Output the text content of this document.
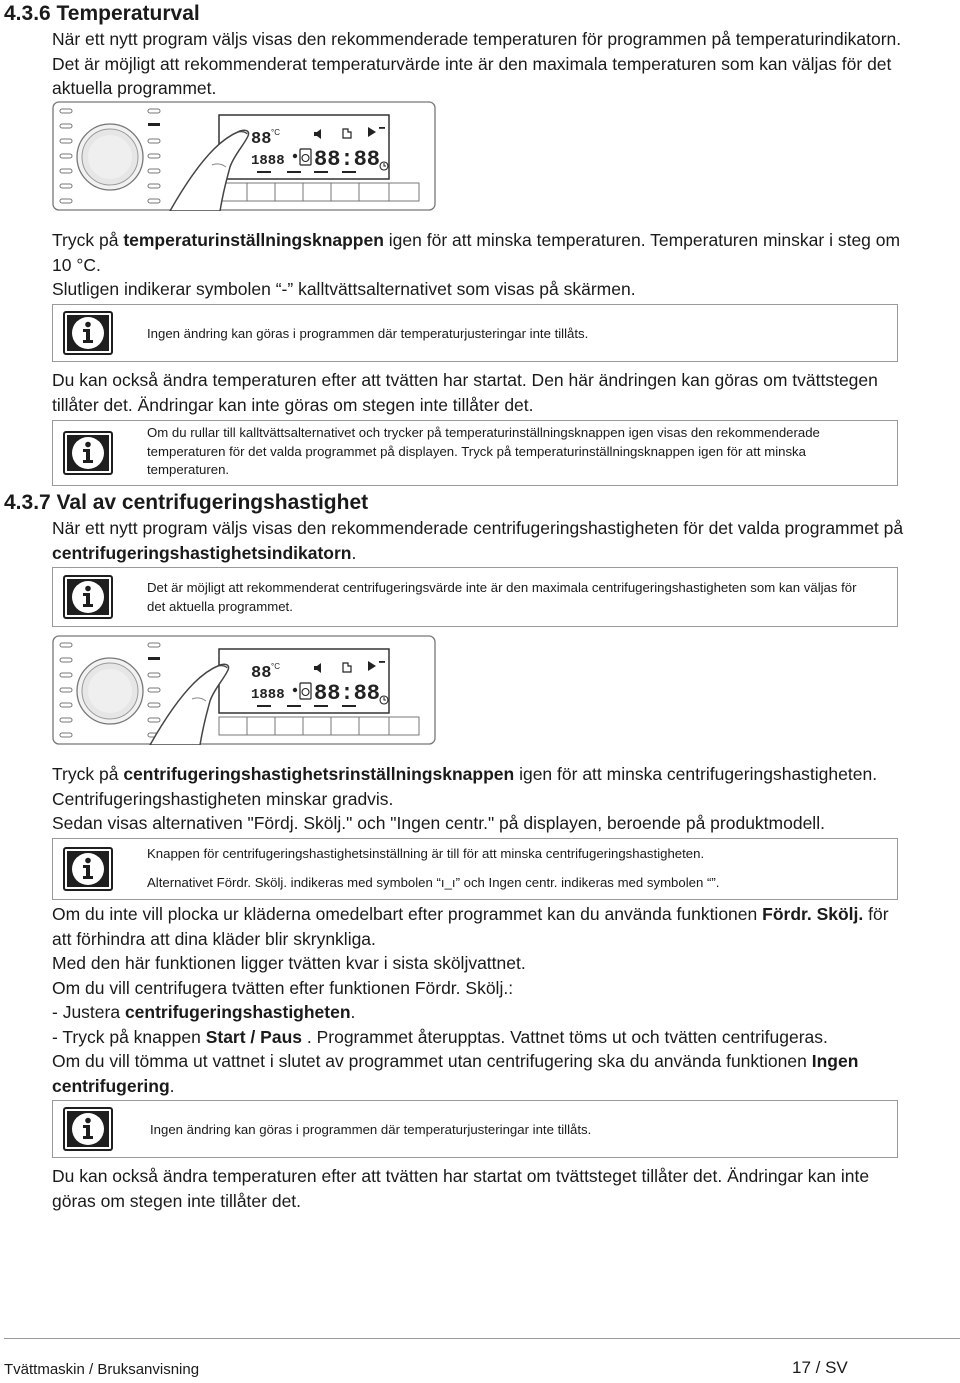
4.3.6 Temperaturval
När ett nytt program väljs visas den rekommenderade temperaturen för programmen på temperaturindikatorn.
Det är möjligt att rekommenderat temperaturvärde inte är den maximala temperaturen som kan väljas för det
aktuella programmet.
88 °C
1888 88:88
Tryck på temperaturinställningsknappen igen för att minska temperaturen. Temperaturen minskar i steg om
10 °C.
Slutligen indikerar symbolen “-” kalltvättsalternativet som visas på skärmen.
Ingen ändring kan göras i programmen där temperaturjusteringar inte tillåts.
Du kan också ändra temperaturen efter att tvätten har startat. Den här ändringen kan göras om tvättstegen
tillåter det. Ändringar kan inte göras om stegen inte tillåter det.
Om du rullar till kalltvättsalternativet och trycker på temperaturinställningsknappen igen visas den rekommenderade
temperaturen för det valda programmet på displayen. Tryck på temperaturinställningsknappen igen för att minska
temperaturen.
4.3.7 Val av centrifugeringshastighet
När ett nytt program väljs visas den rekommenderade centrifugeringshastigheten för det valda programmet på
centrifugeringshastighetsindikatorn.
Det är möjligt att rekommenderat centrifugeringsvärde inte är den maximala centrifugeringshastigheten som kan väljas för
det aktuella programmet.
88 °C
1888 88:88
Tryck på centrifugeringshastighetsrinställningsknappen igen för att minska centrifugeringshastigheten.
Centrifugeringshastigheten minskar gradvis.
Sedan visas alternativen "Fördj. Skölj." och "Ingen centr." på displayen, beroende på produktmodell.
Knappen för centrifugeringshastighetsinställning är till för att minska centrifugeringshastigheten.
Alternativet Fördr. Skölj. indikeras med symbolen “ı_ı” och Ingen centr. indikeras med symbolen “”.
Om du inte vill plocka ur kläderna omedelbart efter programmet kan du använda funktionen Fördr. Skölj. för
att förhindra att dina kläder blir skrynkliga.
Med den här funktionen ligger tvätten kvar i sista sköljvattnet.
Om du vill centrifugera tvätten efter funktionen Fördr. Skölj.:
- Justera centrifugeringshastigheten.
- Tryck på knappen Start / Paus . Programmet återupptas. Vattnet töms ut och tvätten centrifugeras.
Om du vill tömma ut vattnet i slutet av programmet utan centrifugering ska du använda funktionen Ingen
centrifugering.
Ingen ändring kan göras i programmen där temperaturjusteringar inte tillåts.
Du kan också ändra temperaturen efter att tvätten har startat om tvättsteget tillåter det. Ändringar kan inte
göras om stegen inte tillåter det.
Tvättmaskin / Bruksanvisning	17 / SV
